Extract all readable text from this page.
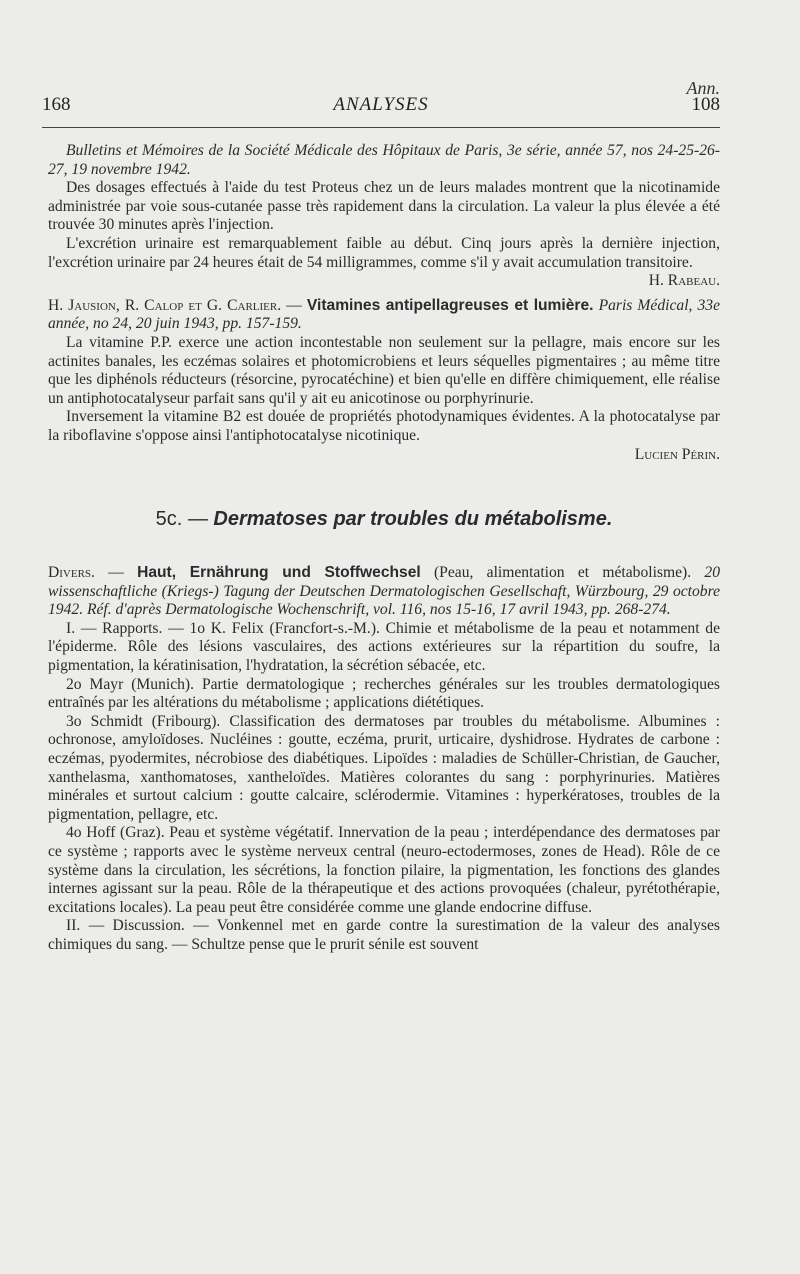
Ann.
168	ANALYSES	108

Bulletins et Mémoires de la Société Médicale des Hôpitaux de Paris, 3e série, année 57, nos 24-25-26-27, 19 novembre 1942.

Des dosages effectués à l'aide du test Proteus chez un de leurs malades montrent que la nicotinamide administrée par voie sous-cutanée passe très rapidement dans la circulation. La valeur la plus élevée a été trouvée 30 minutes après l'injection.

L'excrétion urinaire est remarquablement faible au début. Cinq jours après la dernière injection, l'excrétion urinaire par 24 heures était de 54 milligrammes, comme s'il y avait accumulation transitoire.

H. Rabeau.

H. Jausion, R. Calop et G. Carlier. — Vitamines antipellagreuses et lumière. Paris Médical, 33e année, no 24, 20 juin 1943, pp. 157-159.

La vitamine P.P. exerce une action incontestable non seulement sur la pellagre, mais encore sur les actinites banales, les eczémas solaires et photomicrobiens et leurs séquelles pigmentaires ; au même titre que les diphénols réducteurs (résorcine, pyrocatéchine) et bien qu'elle en diffère chimiquement, elle réalise un antiphotocatalyseur parfait sans qu'il y ait eu anicotinose ou porphyrinurie.

Inversement la vitamine B2 est douée de propriétés photodynamiques évidentes. A la photocatalyse par la riboflavine s'oppose ainsi l'antiphotocatalyse nicotinique.

Lucien Périn.

5c. — Dermatoses par troubles du métabolisme.

Divers. — Haut, Ernährung und Stoffwechsel (Peau, alimentation et métabolisme). 20 wissenschaftliche (Kriegs-) Tagung der Deutschen Dermatologischen Gesellschaft, Würzbourg, 29 octobre 1942. Réf. d'après Dermatologische Wochenschrift, vol. 116, nos 15-16, 17 avril 1943, pp. 268-274.

I. — Rapports. — 1o K. Felix (Francfort-s.-M.). Chimie et métabolisme de la peau et notamment de l'épiderme. Rôle des lésions vasculaires, des actions extérieures sur la répartition du soufre, la pigmentation, la kératinisation, l'hydratation, la sécrétion sébacée, etc.

2o Mayr (Munich). Partie dermatologique ; recherches générales sur les troubles dermatologiques entraînés par les altérations du métabolisme ; applications diététiques.

3o Schmidt (Fribourg). Classification des dermatoses par troubles du métabolisme. Albumines : ochronose, amyloïdoses. Nucléines : goutte, eczéma, prurit, urticaire, dyshidrose. Hydrates de carbone : eczémas, pyodermites, nécrobiose des diabétiques. Lipoïdes : maladies de Schüller-Christian, de Gaucher, xanthelasma, xanthomatoses, xantheloïdes. Matières colorantes du sang : porphyrinuries. Matières minérales et surtout calcium : goutte calcaire, sclérodermie. Vitamines : hyperkératoses, troubles de la pigmentation, pellagre, etc.

4o Hoff (Graz). Peau et système végétatif. Innervation de la peau ; interdépendance des dermatoses par ce système ; rapports avec le système nerveux central (neuro-ectodermoses, zones de Head). Rôle de ce système dans la circulation, les sécrétions, la fonction pilaire, la pigmentation, les fonctions des glandes internes agissant sur la peau. Rôle de la thérapeutique et des actions provoquées (chaleur, pyrétothérapie, excitations locales). La peau peut être considérée comme une glande endocrine diffuse.

II. — Discussion. — Vonkennel met en garde contre la surestimation de la valeur des analyses chimiques du sang. — Schultze pense que le prurit sénile est souvent
